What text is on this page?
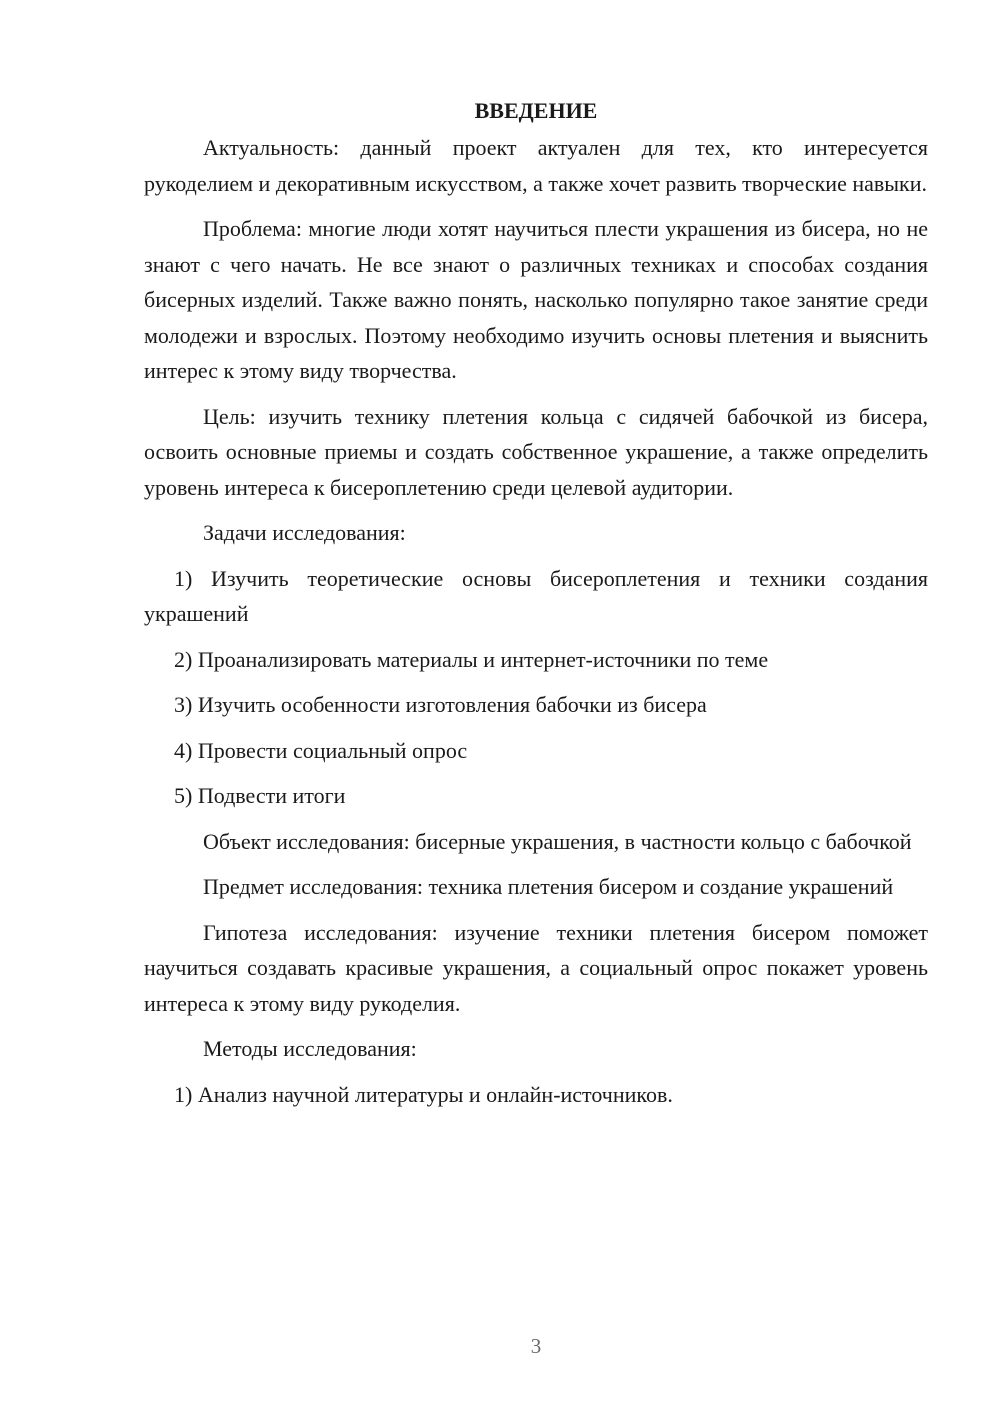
ВВЕДЕНИЕ

Актуальность: данный проект актуален для тех, кто интересуется рукоделием и декоративным искусством, а также хочет развить творческие навыки.

Проблема: многие люди хотят научиться плести украшения из бисера, но не знают с чего начать. Не все знают о различных техниках и способах создания бисерных изделий. Также важно понять, насколько популярно такое занятие среди молодежи и взрослых. Поэтому необходимо изучить основы плетения и выяснить интерес к этому виду творчества.

Цель: изучить технику плетения кольца с сидячей бабочкой из бисера, освоить основные приемы и создать собственное украшение, а также определить уровень интереса к бисероплетению среди целевой аудитории.

Задачи исследования:

1) Изучить теоретические основы бисероплетения и техники создания украшений

2) Проанализировать материалы и интернет-источники по теме

3) Изучить особенности изготовления бабочки из бисера

4) Провести социальный опрос

5) Подвести итоги

Объект исследования: бисерные украшения, в частности кольцо с бабочкой

Предмет исследования: техника плетения бисером и создание украшений

Гипотеза исследования: изучение техники плетения бисером поможет научиться создавать красивые украшения, а социальный опрос покажет уровень интереса к этому виду рукоделия.

Методы исследования:

1) Анализ научной литературы и онлайн-источников.

3
